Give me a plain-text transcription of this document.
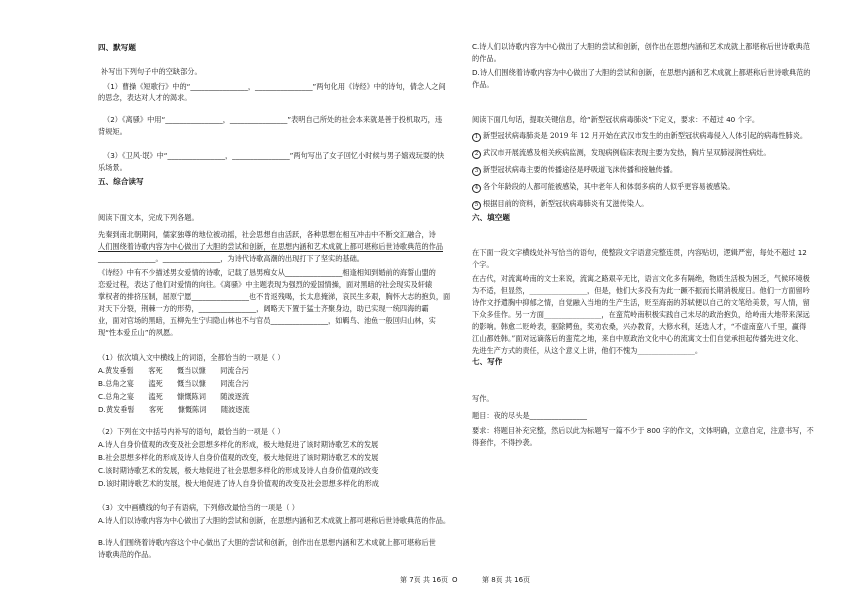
四、默写题
补写出下列句子中的空缺部分。
（1）曹操《短歌行》中的“________________，________________”两句化用《诗经》中的诗句，倩念人之间
的思念，表达对人才的渴求。
（2）《离骚》中用“________________，________________”表明自己所处的社会本来就是善于投机取巧，违
背规矩。
（3）《卫风·氓》中“________________，________________”两句写出了女子回忆小时候与男子嬉戏玩耍的快
乐场景。
五、综合读写
阅读下面文本，完成下列各题。
先秦到南北朝期间，儒家独尊的地位被动摇，社会思想自由活跃，各种思想在相互冲击中不断交汇融合，诗
人们围绕着诗歌内容为中心做出了大胆的尝试和创新，在思想内涵和艺术成就上都可堪称后世诗歌典范的作品
________________。________________，为诗代诗歌高潮的出现打下了坚实的基础。
《诗经》中有不少描述男女爱情的诗歌，记载了恳男痴女从________________相逢相知到婚前的海誓山盟的
恋爱过程，表达了他们对爱情的向往。《离骚》中主题表现为强烈的爱国情操，面对黑暗的社会现实及轩辕
掌权者的排挤压制，屈原宁愿________________也不肯返残喝，长太息掩涕，哀民生多艰，胸怀大志的抱负，面
对天下分裂，荆棘一方的形势，________________，阔略天下置于猛士齐聚身边，助已实现一统四海的霸
业，面对官场的黑暗，五柳先生宁归隐山林也不与官员________________，如羁鸟、池鱼一般回归山林，实
现“性本爱丘山”的夙愿。
（1）依次填入文中横线上的词语，全都恰当的一项是（ ）
A.黄发垂髫　　客死　　慨当以慷　　同流合污
B.总角之宴　　溘死　　慨当以慷　　同流合污
C.总角之宴　　溘死　　慷慨陈词　　随波逐流
D.黄发垂髫　　客死　　慷慨陈词　　随波逐流
（2）下列在文中括号内补写的语句，最恰当的一项是（ ）
A.诗人自身价值观的改变及社会思想多样化的形成，极大地促进了该时期诗歌艺术的发展
B.社会思想多样化的形成及诗人自身价值观的改变，极大地促进了该时期诗歌艺术的发展
C.该时期诗歌艺术的发展，极大地促进了社会思想多样化的形成及诗人自身价值观的改变
D.该时期诗歌艺术的发展，极大地促进了诗人自身价值观的改变及社会思想多样化的形成
（3）文中画横线的句子有语病，下列修改最恰当的一项是（ ）
A.诗人们以诗歌内容为中心做出了大胆的尝试和创新，在思想内涵和艺术成就上都可堪称后世诗歌典范的作品。
B.诗人们围绕着诗歌内容这个中心做出了大胆的尝试和创新，创作出在思想内涵和艺术成就上都可堪称后世
诗歌典范的作品。
C.诗人们以诗歌内容为中心做出了大胆的尝试和创新，创作出在思想内涵和艺术成就上都堪称后世诗歌典范
的作品。
D.诗人们围绕着诗歌内容为中心做出了大胆的尝试和创新，在思想内涵和艺术成就上都堪称后世诗歌典范的
作品。
阅读下面几句话，提取关键信息，给“新型冠状病毒肺炎”下定义，要求：不超过 40 个字。
1 新型冠状病毒肺炎是 2019 年 12 月开始在武汉市发生的由新型冠状病毒侵入人体引起的病毒性肺炎。
2 武汉市开展流感及相关疾病监测，发现病例临床表现主要为发热，胸片呈双肺浸润性病灶。
3 新型冠状病毒主要的传播途径是呼吸道飞沫传播和接触传播。
4 各个年龄段的人都可能被感染，其中老年人和体弱多病的人似乎更容易被感染。
5 根据目前的资料，新型冠状病毒肺炎有艾滋传染人。
六、填空题
在下面一段文字横线处补写恰当的语句，使整段文字语意完整连贯，内容贴切，逻辑严密，每处不超过 12
个字。
在古代，对流寓岭南的文士来说，流寓之路艰辛无比，语言文化多有隔绝，物质生活极为困乏，气候环境极
为不适，但显然，________________，但是，他们大多没有为此一蹶不振而长期消极度日。他们一方面留吟
诗作文抒遣胸中抑郁之情，自觉融入当地的生产生活，贬至海南的苏轼便以自己的文笔给美景，写人情，留
下众多佳作。另一方面________________，在蛮荒岭南积极实践自己未尽的政治抱负，给岭南大地带来深远
的影响。韩愈二贬岭表，驱除鳄鱼，奖劝农桑，兴办教育，大修水利，延选人才，“不虚南蛮八千里，赢得
江山都姓韩。”面对远谪落后的蛮荒之地，来自中原政治文化中心的流寓文士们自觉承担起传播先进文化、
先进生产方式的责任，从这个意义上讲，他们不愧为________________。
七、写作
写作。
题目：夜的尽头是________________
要求：将题目补充完整，然后以此为标题写一篇不少于 800 字的作文，文体明确，立意自定，注意书写，不
得套作，不得抄袭。
第 7页 共 16页 O	第 8页 共 16页
